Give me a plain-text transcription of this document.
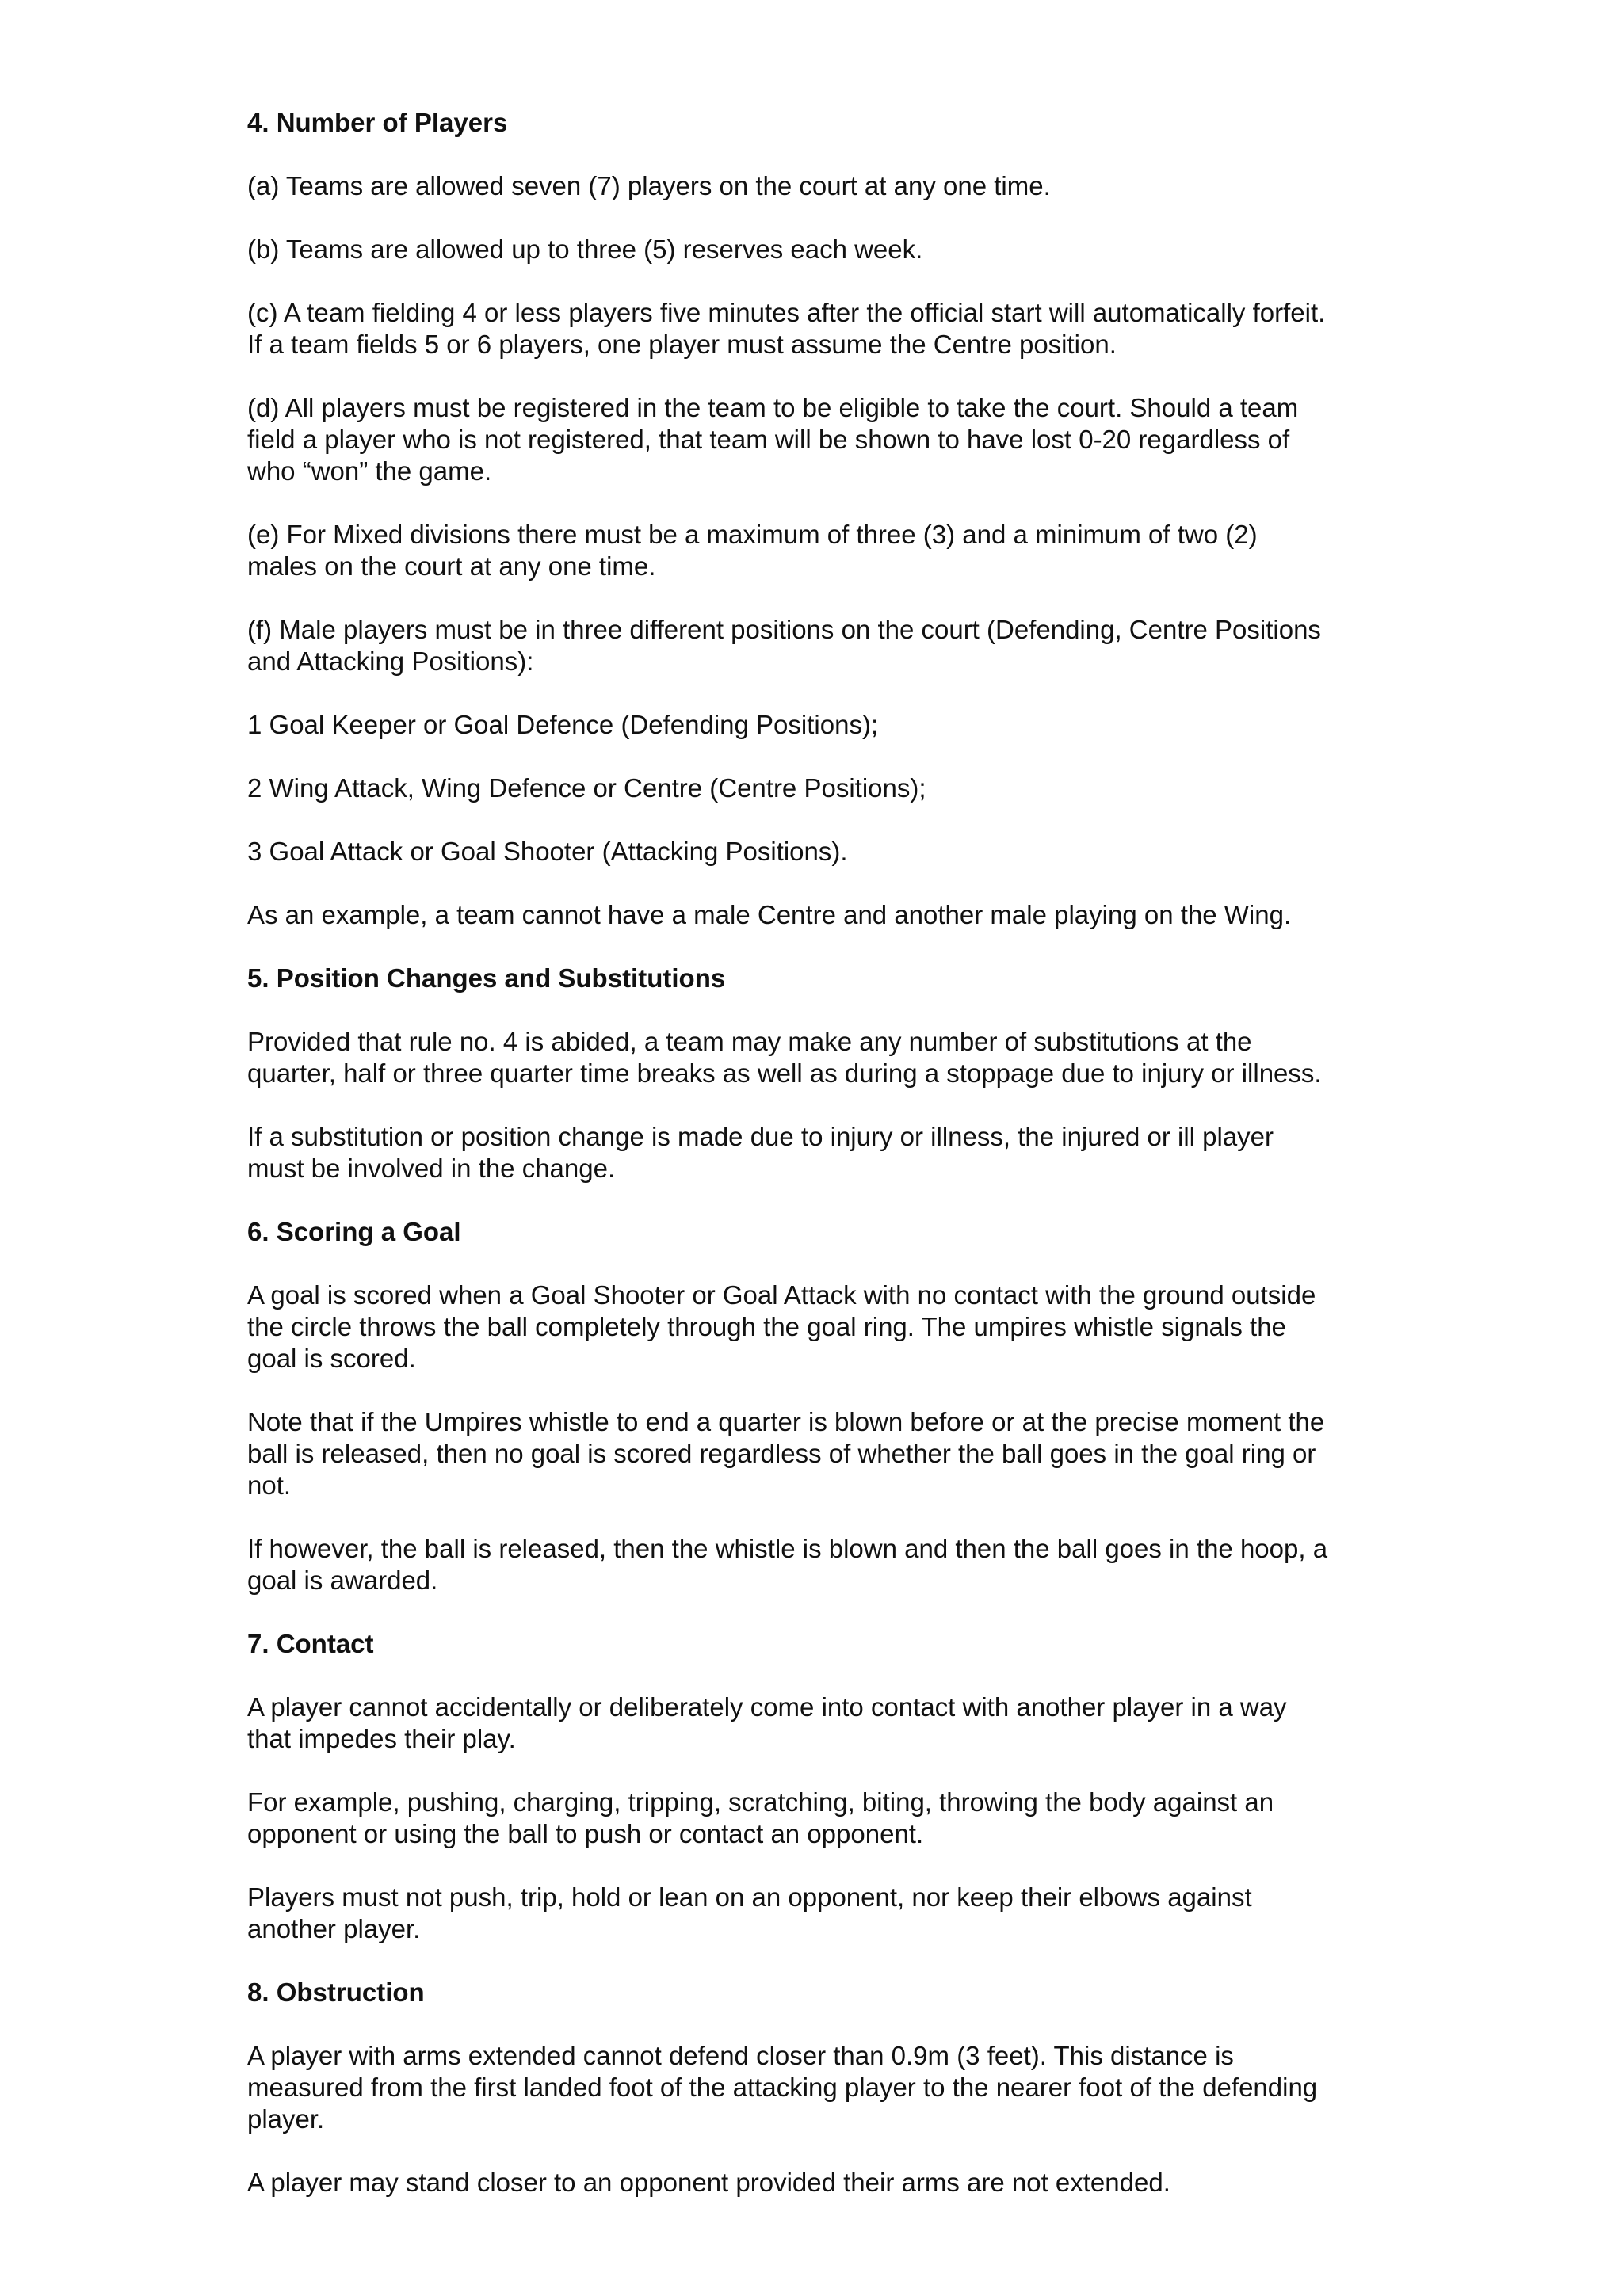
4. Number of Players

(a) Teams are allowed seven (7) players on the court at any one time.

(b) Teams are allowed up to three (5) reserves each week.

(c) A team fielding 4 or less players five minutes after the official start will automatically forfeit.
If a team fields 5 or 6 players, one player must assume the Centre position.

(d) All players must be registered in the team to be eligible to take the court. Should a team
field a player who is not registered, that team will be shown to have lost 0-20 regardless of
who “won” the game.

(e) For Mixed divisions there must be a maximum of three (3) and a minimum of two (2)
males on the court at any one time.

(f) Male players must be in three different positions on the court (Defending, Centre Positions
and Attacking Positions):

1 Goal Keeper or Goal Defence (Defending Positions);

2 Wing Attack, Wing Defence or Centre (Centre Positions);

3 Goal Attack or Goal Shooter (Attacking Positions).

As an example, a team cannot have a male Centre and another male playing on the Wing.

5. Position Changes and Substitutions

Provided that rule no. 4 is abided, a team may make any number of substitutions at the
quarter, half or three quarter time breaks as well as during a stoppage due to injury or illness.

If a substitution or position change is made due to injury or illness, the injured or ill player
must be involved in the change.

6. Scoring a Goal

A goal is scored when a Goal Shooter or Goal Attack with no contact with the ground outside
the circle throws the ball completely through the goal ring. The umpires whistle signals the
goal is scored.

Note that if the Umpires whistle to end a quarter is blown before or at the precise moment the
ball is released, then no goal is scored regardless of whether the ball goes in the goal ring or
not.

If however, the ball is released, then the whistle is blown and then the ball goes in the hoop, a
goal is awarded.

7. Contact

A player cannot accidentally or deliberately come into contact with another player in a way
that impedes their play.

For example, pushing, charging, tripping, scratching, biting, throwing the body against an
opponent or using the ball to push or contact an opponent.

Players must not push, trip, hold or lean on an opponent, nor keep their elbows against
another player.

8. Obstruction

A player with arms extended cannot defend closer than 0.9m (3 feet). This distance is
measured from the first landed foot of the attacking player to the nearer foot of the defending
player.

A player may stand closer to an opponent provided their arms are not extended.
